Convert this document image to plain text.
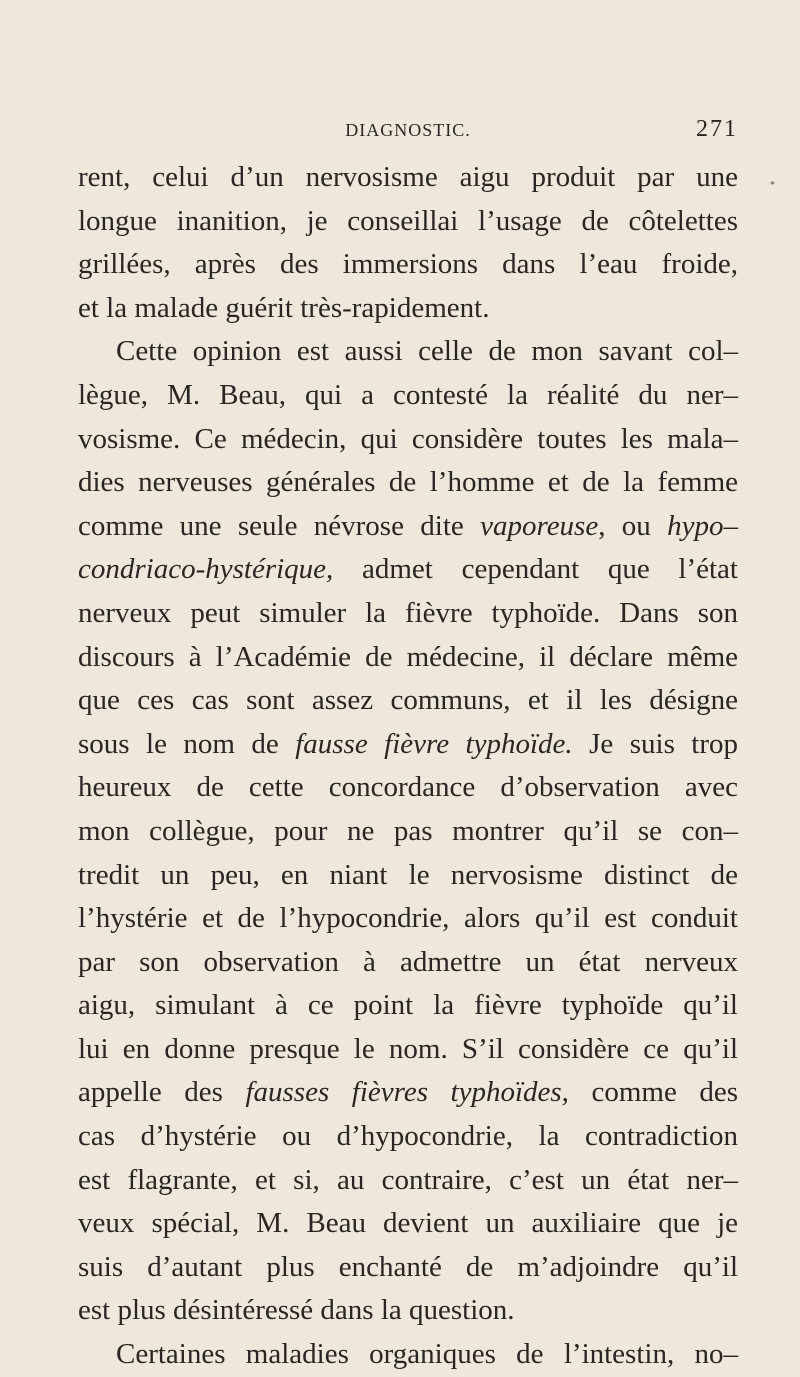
DIAGNOSTIC.	271
*
rent, celui d’un nervosisme aigu produit par une
longue inanition, je conseillai l’usage de côtelettes
grillées, après des immersions dans l’eau froide,
et la malade guérit très-rapidement.
Cette opinion est aussi celle de mon savant col–
lègue, M. Beau, qui a contesté la réalité du ner–
vosisme. Ce médecin, qui considère toutes les mala–
dies nerveuses générales de l’homme et de la femme
comme une seule névrose dite vaporeuse, ou hypo–
condriaco-hystérique, admet cependant que l’état
nerveux peut simuler la fièvre typhoïde. Dans son
discours à l’Académie de médecine, il déclare même
que ces cas sont assez communs, et il les désigne
sous le nom de fausse fièvre typhoïde. Je suis trop
heureux de cette concordance d’observation avec
mon collègue, pour ne pas montrer qu’il se con–
tredit un peu, en niant le nervosisme distinct de
l’hystérie et de l’hypocondrie, alors qu’il est conduit
par son observation à admettre un état nerveux
aigu, simulant à ce point la fièvre typhoïde qu’il
lui en donne presque le nom. S’il considère ce qu’il
appelle des fausses fièvres typhoïdes, comme des
cas d’hystérie ou d’hypocondrie, la contradiction
est flagrante, et si, au contraire, c’est un état ner–
veux spécial, M. Beau devient un auxiliaire que je
suis d’autant plus enchanté de m’adjoindre qu’il
est plus désintéressé dans la question.
Certaines maladies organiques de l’intestin, no–
